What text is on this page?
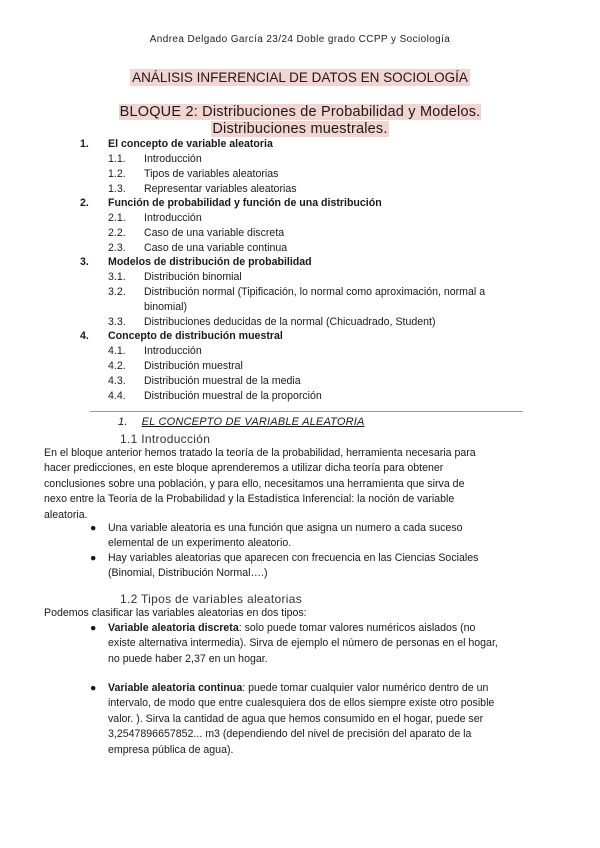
Andrea Delgado García 23/24 Doble grado CCPP y Sociología
ANÁLISIS INFERENCIAL DE DATOS EN SOCIOLOGÍA
BLOQUE 2: Distribuciones de Probabilidad y Modelos.
Distribuciones muestrales.
1. El concepto de variable aleatoria
1.1. Introducción
1.2. Tipos de variables aleatorias
1.3. Representar variables aleatorias
2. Función de probabilidad y función de una distribución
2.1. Introducción
2.2. Caso de una variable discreta
2.3. Caso de una variable continua
3. Modelos de distribución de probabilidad
3.1. Distribución binomial
3.2. Distribución normal (Tipificación, lo normal como aproximación, normal a
binomial)
3.3. Distribuciones deducidas de la normal (Chicuadrado, Student)
4. Concepto de distribución muestral
4.1. Introducción
4.2. Distribución muestral
4.3. Distribución muestral de la media
4.4. Distribución muestral de la proporción
1. EL CONCEPTO DE VARIABLE ALEATORIA
1.1 Introducción
En el bloque anterior hemos tratado la teoría de la probabilidad, herramienta necesaria para
hacer predicciones, en este bloque aprenderemos a utilizar dicha teoría para obtener
conclusiones sobre una población, y para ello, necesitamos una herramienta que sirva de
nexo entre la Teoría de la Probabilidad y la Estadística Inferencial: la noción de variable
aleatoria.
● Una variable aleatoria es una función que asigna un numero a cada suceso
elemental de un experimento aleatorio.
● Hay variables aleatorias que aparecen con frecuencia en las Ciencias Sociales
(Binomial, Distribución Normal….)
1.2 Tipos de variables aleatorias
Podemos clasificar las variables aleatorias en dos tipos:
● Variable aleatoria discreta: solo puede tomar valores numéricos aislados (no
existe alternativa intermedia). Sirva de ejemplo el número de personas en el hogar,
no puede haber 2,37 en un hogar.
● Variable aleatoria continua: puede tomar cualquier valor numérico dentro de un
intervalo, de modo que entre cualesquiera dos de ellos siempre existe otro posible
valor. ). Sirva la cantidad de agua que hemos consumido en el hogar, puede ser
3,2547896657852... m3 (dependiendo del nivel de precisión del aparato de la
empresa pública de agua).
